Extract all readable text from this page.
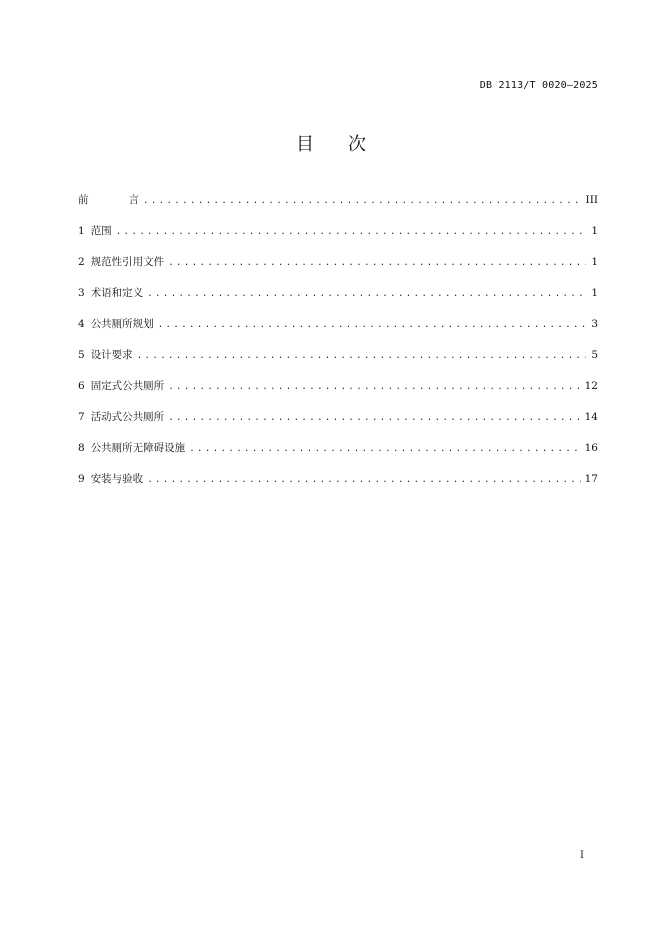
DB 2113/T 0020—2025
目 次
前	言 . . .	III
1 范围 . . .	1
2 规范性引用文件 . . .	1
3 术语和定义 . . .	1
4 公共厕所规划 . . .	3
5 设计要求 . . .	5
6 固定式公共厕所 . . .	12
7 活动式公共厕所 . . .	14
8 公共厕所无障碍设施 . . .	16
9 安装与验收 . . .	17
I
